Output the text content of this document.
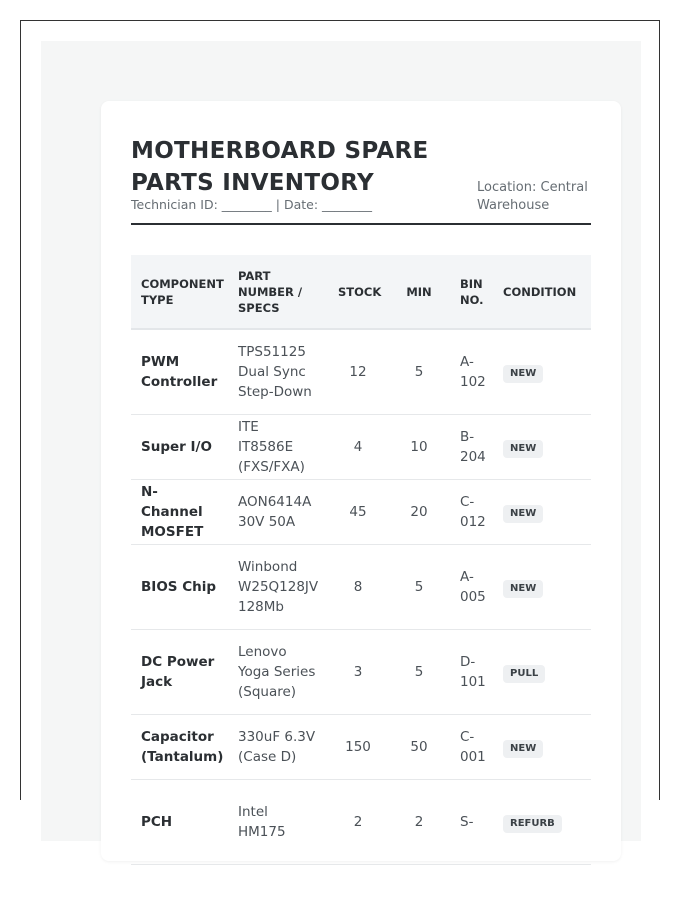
MOTHERBOARD SPARE PARTS INVENTORY
Technician ID: ________ | Date: ________
Location: Central Warehouse
COMPONENT TYPE	PART NUMBER / SPECS	STOCK	MIN	BIN NO.	CONDITION
PWM Controller	TPS51125 Dual Sync Step-Down	12	5	A-102	NEW
Super I/O	ITE IT8586E (FXS/FXA)	4	10	B-204	NEW
N-Channel MOSFET	AON6414A 30V 50A	45	20	C-012	NEW
BIOS Chip	Winbond W25Q128JV 128Mb	8	5	A-005	NEW
DC Power Jack	Lenovo Yoga Series (Square)	3	5	D-101	PULL
Capacitor (Tantalum)	330uF 6.3V (Case D)	150	50	C-001	NEW
PCH	Intel HM175	2	2	S-	REFURB
